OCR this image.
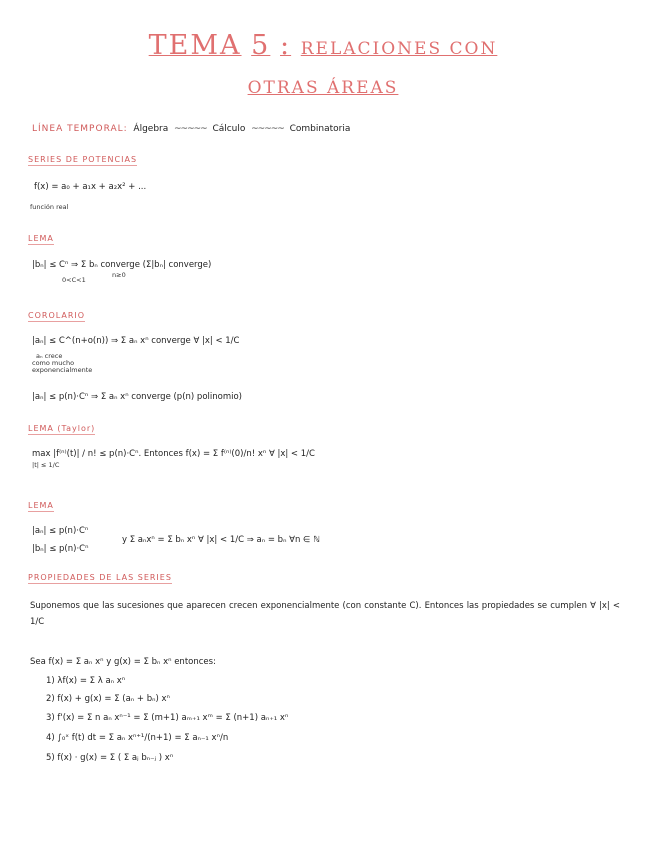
TEMA 5 : RELACIONES CON
OTRAS ÁREAS
LÍNEA TEMPORAL: Álgebra ~~~~~ Cálculo ~~~~~ Combinatoria
SERIES DE POTENCIAS
f(x) = a₀ + a₁x + a₂x² + ...
función real
LEMA
|bₙ| ≤ Cⁿ ⇒ Σ bₙ converge (Σ|bₙ| converge)
n≥0
0<C<1
COROLARIO
|aₙ| ≤ C^(n+o(n)) ⇒ Σ aₙ xⁿ converge ∀ |x| < 1/C
aₙ crece
como mucho
exponencialmente
|aₙ| ≤ p(n)·Cⁿ ⇒ Σ aₙ xⁿ converge (p(n) polinomio)
LEMA (Taylor)
max |f⁽ⁿ⁾(t)| / n! ≤ p(n)·Cⁿ. Entonces f(x) = Σ f⁽ⁿ⁾(0)/n! xⁿ ∀ |x| < 1/C
|t| ≤ 1/C
LEMA
|aₙ| ≤ p(n)·Cⁿ
|bₙ| ≤ p(n)·Cⁿ
y Σ aₙxⁿ = Σ bₙ xⁿ ∀ |x| < 1/C ⇒ aₙ = bₙ ∀n ∈ ℕ
PROPIEDADES DE LAS SERIES
Suponemos que las sucesiones que aparecen crecen exponencialmente (con constante C). Entonces las propiedades se cumplen ∀ |x| < 1/C
Sea f(x) = Σ aₙ xⁿ y g(x) = Σ bₙ xⁿ entonces:
1) λf(x) = Σ λ aₙ xⁿ
2) f(x) + g(x) = Σ (aₙ + bₙ) xⁿ
3) f'(x) = Σ n aₙ xⁿ⁻¹ = Σ (m+1) aₘ₊₁ xᵐ = Σ (n+1) aₙ₊₁ xⁿ
4) ∫₀ˣ f(t) dt = Σ aₙ xⁿ⁺¹/(n+1) = Σ aₙ₋₁ xⁿ/n
5) f(x) · g(x) = Σ ( Σ aⱼ bₙ₋ⱼ ) xⁿ
